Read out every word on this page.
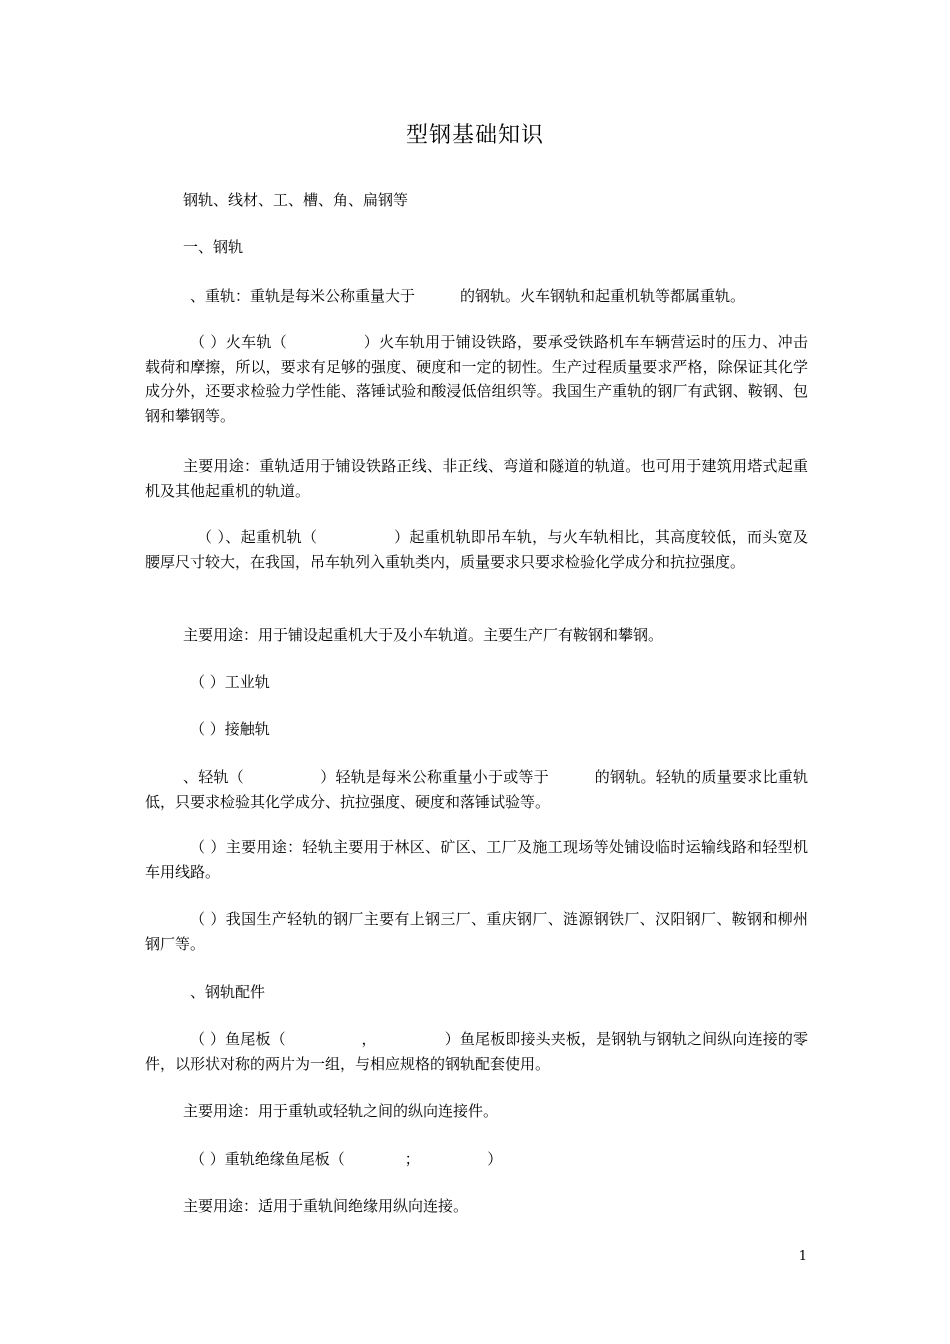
型钢基础知识
钢轨、线材、工、槽、角、扁钢等
一、钢轨
、重轨：重轨是每米公称重量大于　　　的钢轨。火车钢轨和起重机轨等都属重轨。
（ ）火车轨（　　　　　）火车轨用于铺设铁路，要承受铁路机车车辆营运时的压力、冲击载荷和摩擦，所以，要求有足够的强度、硬度和一定的韧性。生产过程质量要求严格，除保证其化学成分外，还要求检验力学性能、落锤试验和酸浸低倍组织等。我国生产重轨的钢厂有武钢、鞍钢、包钢和攀钢等。
主要用途：重轨适用于铺设铁路正线、非正线、弯道和隧道的轨道。也可用于建筑用塔式起重机及其他起重机的轨道。
（ ）、起重机轨（　　　　　）起重机轨即吊车轨，与火车轨相比，其高度较低，而头宽及腰厚尺寸较大，在我国，吊车轨列入重轨类内，质量要求只要求检验化学成分和抗拉强度。
主要用途：用于铺设起重机大于及小车轨道。主要生产厂有鞍钢和攀钢。
（ ）工业轨
（ ）接触轨
、轻轨（　　　　　）轻轨是每米公称重量小于或等于　　　的钢轨。轻轨的质量要求比重轨低，只要求检验其化学成分、抗拉强度、硬度和落锤试验等。
（ ）主要用途：轻轨主要用于林区、矿区、工厂及施工现场等处铺设临时运输线路和轻型机车用线路。
（ ）我国生产轻轨的钢厂主要有上钢三厂、重庆钢厂、涟源钢铁厂、汉阳钢厂、鞍钢和柳州钢厂等。
、钢轨配件
（ ）鱼尾板（　　　　　，　　　　　）鱼尾板即接头夹板，是钢轨与钢轨之间纵向连接的零件，以形状对称的两片为一组，与相应规格的钢轨配套使用。
主要用途：用于重轨或轻轨之间的纵向连接件。
（ ）重轨绝缘鱼尾板（　　　　；　　　　　）
主要用途：适用于重轨间绝缘用纵向连接。
1
